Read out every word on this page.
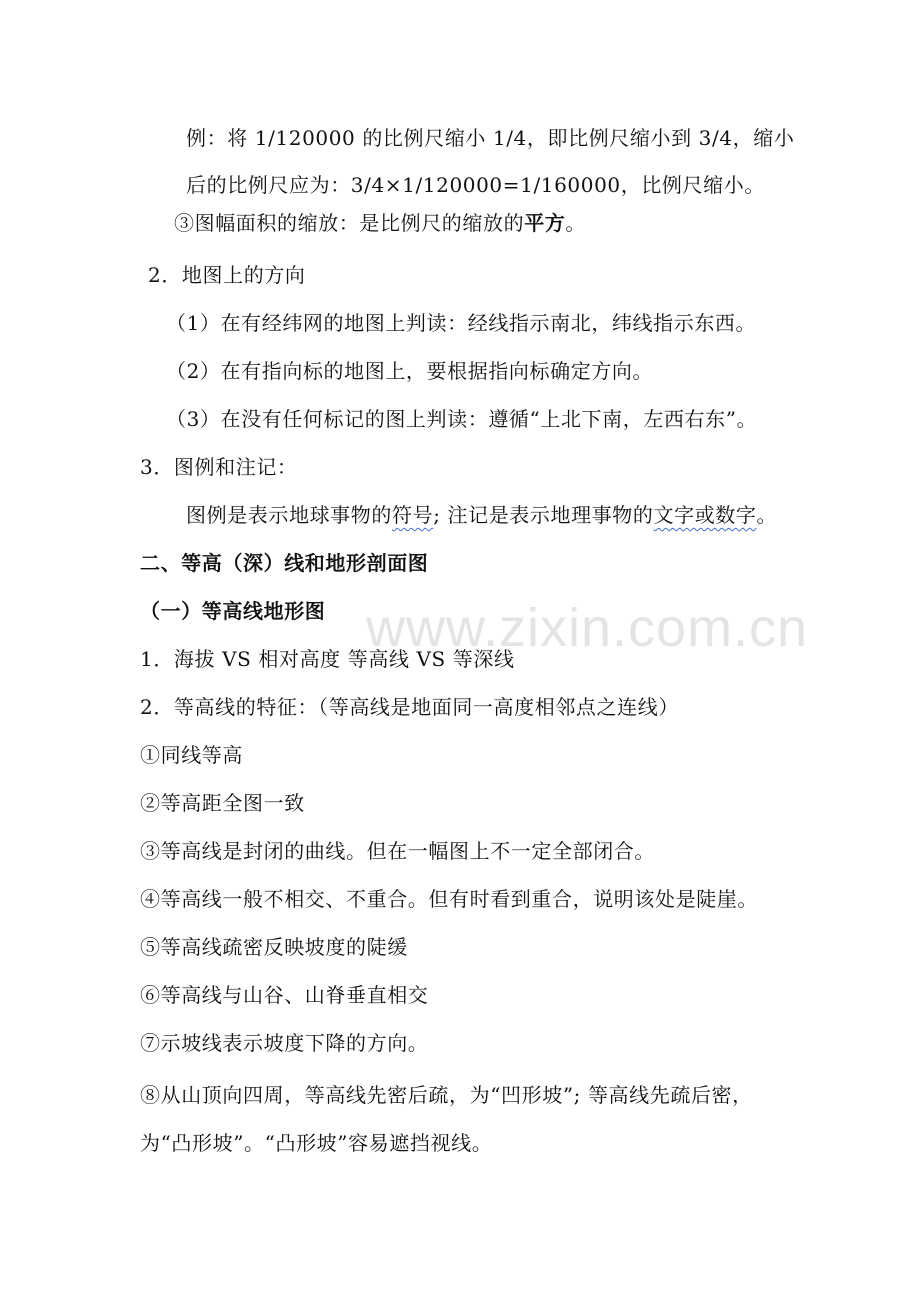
www.zixin.com.cn
例：将 1/120000 的比例尺缩小 1/4，即比例尺缩小到 3/4，缩小
后的比例尺应为：3/4×1/120000=1/160000，比例尺缩小。
③图幅面积的缩放：是比例尺的缩放的平方。
2．地图上的方向
（1）在有经纬网的地图上判读：经线指示南北，纬线指示东西。
（2）在有指向标的地图上，要根据指向标确定方向。
（3）在没有任何标记的图上判读：遵循“上北下南，左西右东”。
3．图例和注记：
图例是表示地球事物的符号; 注记是表示地理事物的文字或数字。
二、等高（深）线和地形剖面图
（一）等高线地形图
1．海拔 VS 相对高度 等高线 VS 等深线
2．等高线的特征：（等高线是地面同一高度相邻点之连线）
①同线等高
②等高距全图一致
③等高线是封闭的曲线。但在一幅图上不一定全部闭合。
④等高线一般不相交、不重合。但有时看到重合，说明该处是陡崖。
⑤等高线疏密反映坡度的陡缓
⑥等高线与山谷、山脊垂直相交
⑦示坡线表示坡度下降的方向。
⑧从山顶向四周，等高线先密后疏，为“凹形坡”; 等高线先疏后密，
为“凸形坡”。“凸形坡”容易遮挡视线。
